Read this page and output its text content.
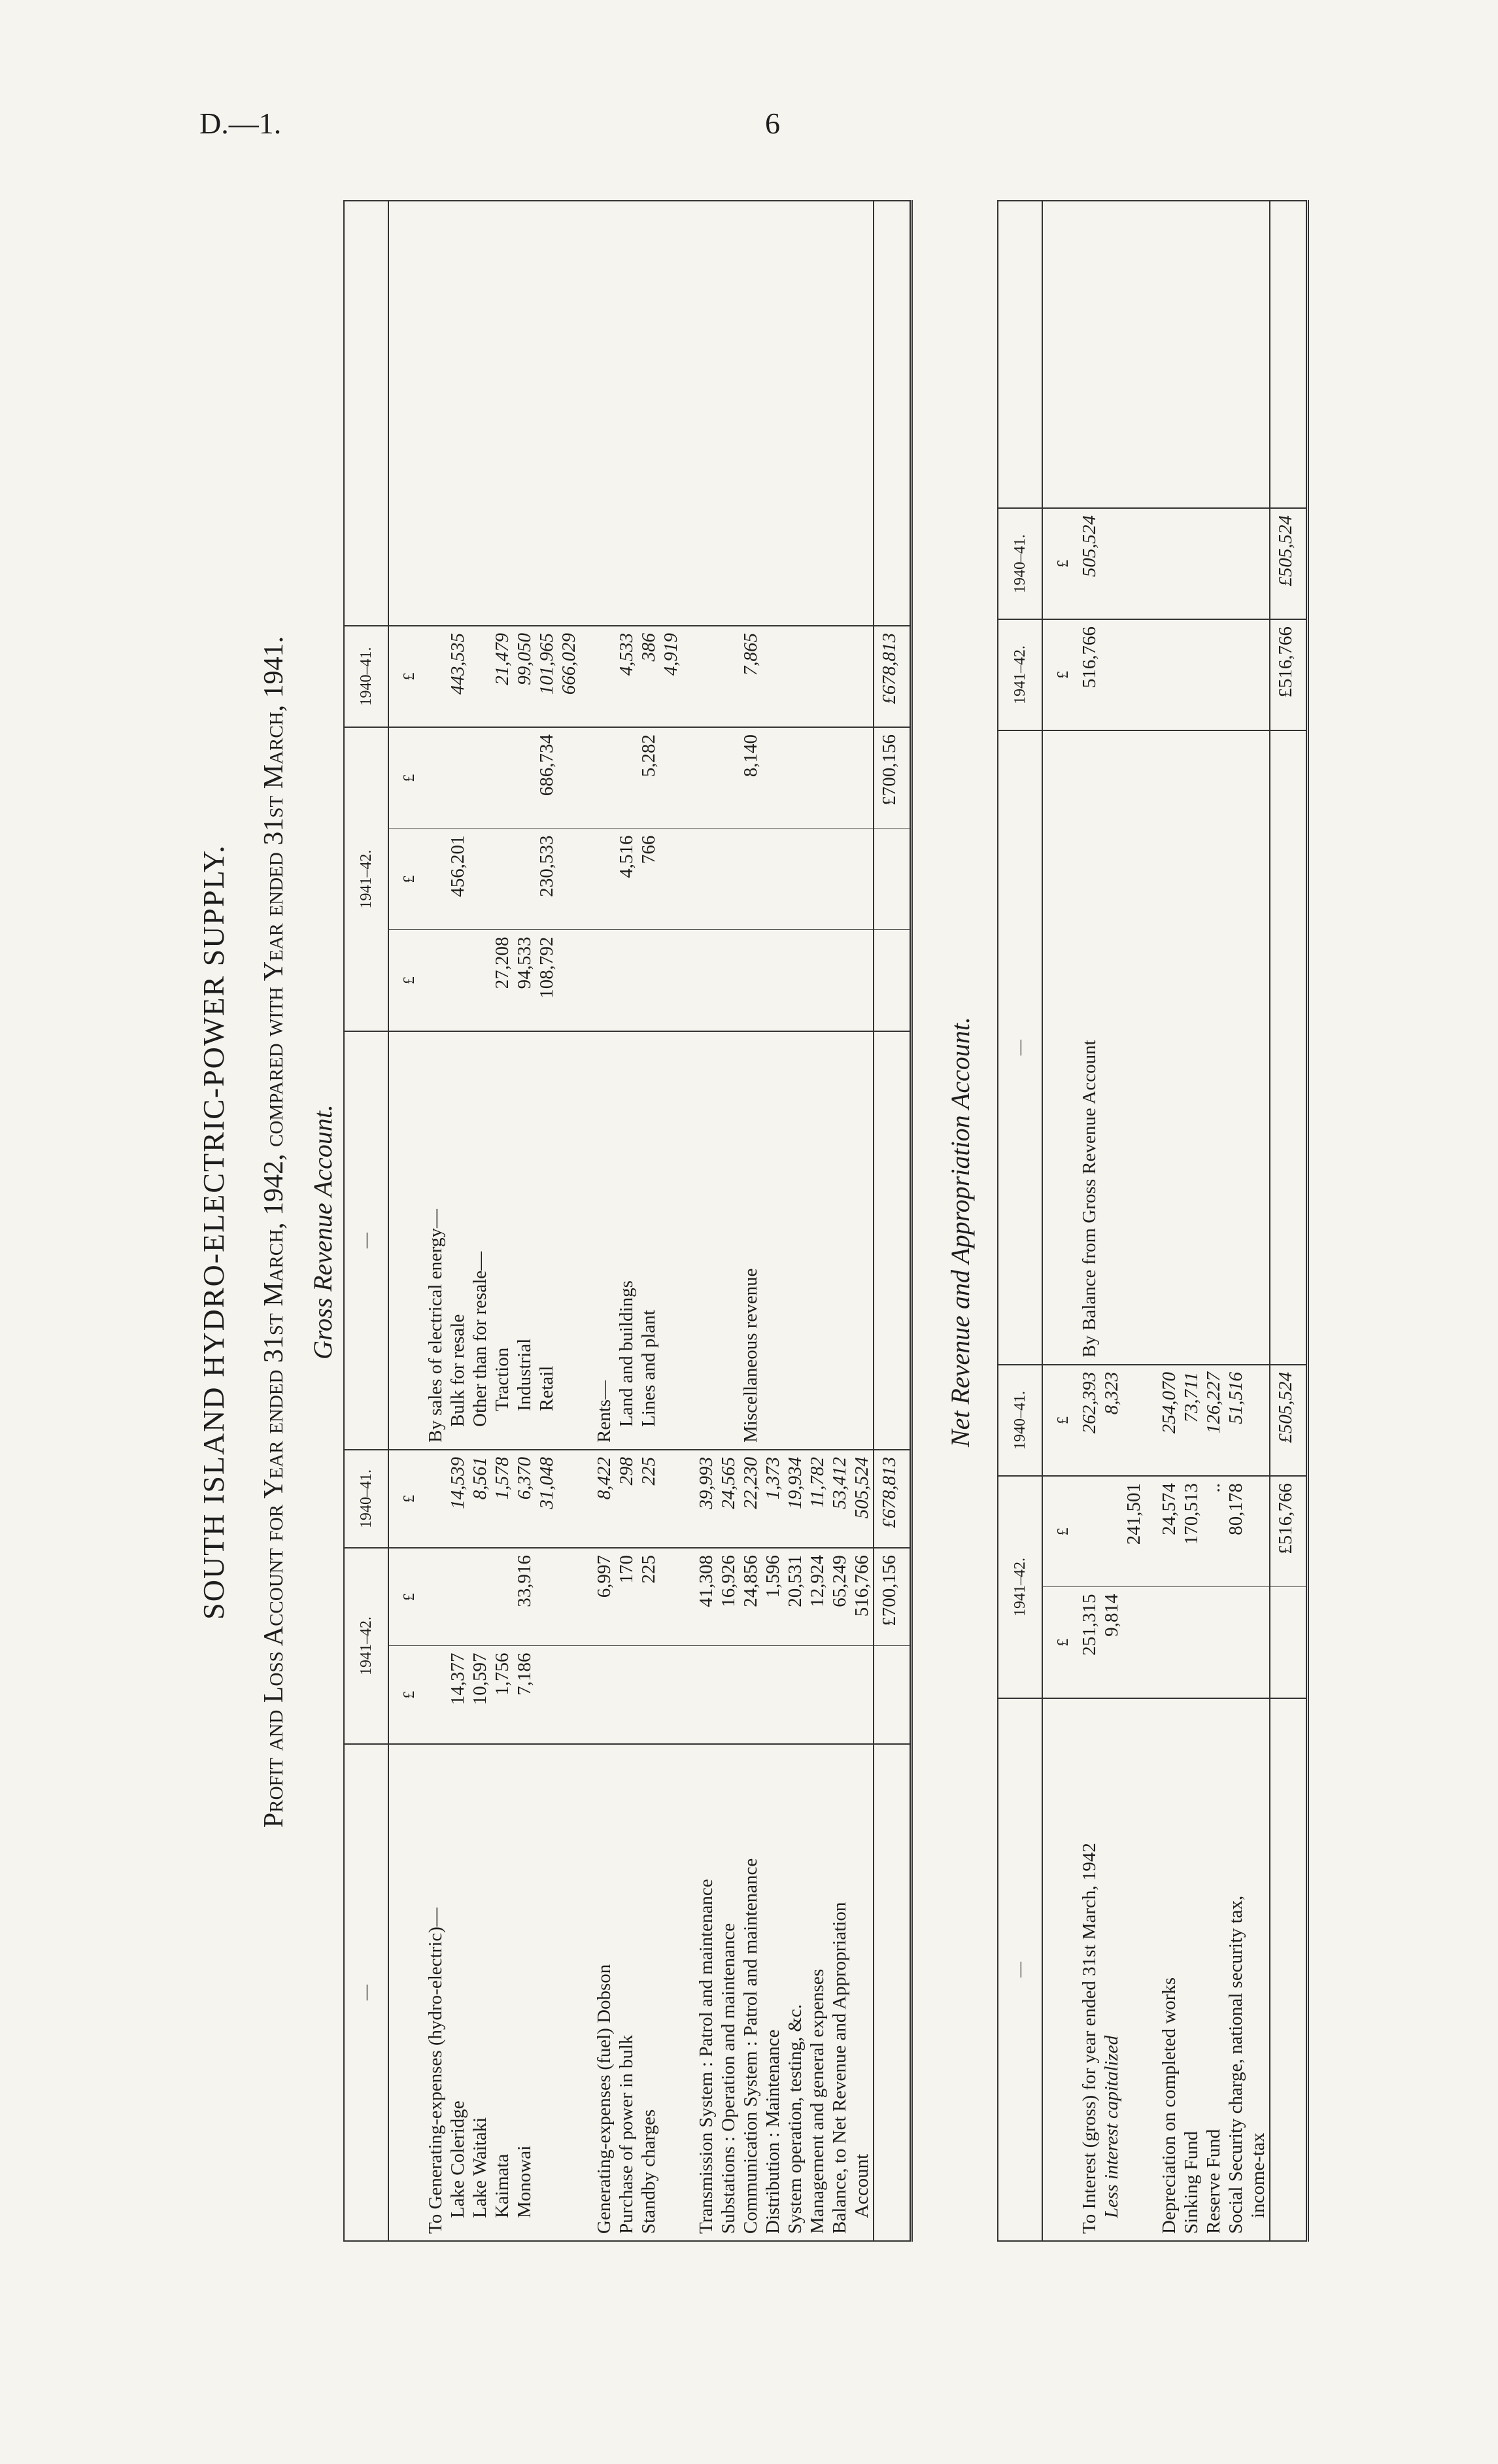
D.—1.	6
SOUTH ISLAND HYDRO-ELECTRIC-POWER SUPPLY. Profit and Loss Account for Year ended 31st March, 1942, compared with Year ended 31st March, 1941. Gross Revenue Account.
—	1941–42.		1940–41.	—	1941–42.			1940–41.	
	£	£	£		£	£	£	£	
To Generating-expenses (hydro-electric)—				By sales of electrical energy—					
Lake Coleridge	14,377		14,539	Bulk for resale		456,201		443,535	
Lake Waitaki	10,597		8,561	Other than for resale—					
Kaimata	1,756		1,578	Traction	27,208			21,479	
Monowai	7,186	33,916	6,370	Industrial	94,533			99,050	
			31,048	Retail	108,792	230,533	686,734	101,965	
								666,029	

Generating-expenses (fuel) Dobson		6,997	8,422	Rents—					
Purchase of power in bulk		170	298	Land and buildings		4,516		4,533	
Standby charges		225	225	Lines and plant		766	5,282	386	
								4,919	

Transmission System : Patrol and maintenance		41,308	39,993						
Substations : Operation and maintenance		16,926	24,565						
Communication System : Patrol and maintenance		24,856	22,230	Miscellaneous revenue			8,140	7,865	
Distribution : Maintenance		1,596	1,373						
System operation, testing, &c.		20,531	19,934						
Management and general expenses		12,924	11,782						
Balance, to Net Revenue and Appropriation		65,249	53,412						
Account		516,766	505,524						
		£700,156	£678,813				£700,156	£678,813	
Net Revenue and Appropriation Account.
—	1941–42.		1940–41.	—	1941–42.	1940–41.	
	£	£	£		£	£	
To Interest (gross) for year ended 31st March, 1942	251,315		262,393	By Balance from Gross Revenue Account	516,766	505,524	
Less interest capitalized	9,814		8,323				
		241,501					

Depreciation on completed works		24,574	254,070				
Sinking Fund		170,513	73,711				
Reserve Fund		..	126,227				
Social Security charge, national security tax,		80,178	51,516				
income-tax							
		£516,766	£505,524		£516,766	£505,524	
